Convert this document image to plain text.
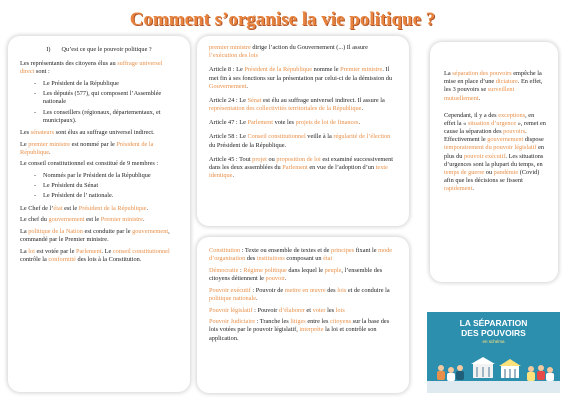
Comment s’organise la vie politique ?

I) Qu’est ce que le pouvoir politique ?

Les représentants des citoyens élus au suffrage universel direct sont :

- Le Président de la République
- Les députés (577), qui composent l’Assemblée nationale
- Les conseillers (régionaux, départementaux, et municipaux).

Les sénateurs sont élus au suffrage universel indirect.

Le premier ministre est nommé par le Président de la République.

Le conseil constitutionnel est constitué de 9 membres :

- Nommés par le Président de la République
- Le Président du Sénat
- Le Président de l’ nationale.

Le Chef de l’état est le Président de la République.

Le chef du gouvernement est le Premier ministre.

La politique de la Nation est conduite par le gouvernement, commandé par le Premier ministre.

La loi est votée par le Parlement. Le conseil constitutionnel contrôle la conformité des lois à la Constitution.

premier ministre dirige l’action du Gouvernement (...) Il assure l’exécution des lois

Article 8 : Le Président de la République nomme le Premier ministre. Il met fin à ses fonctions sur la présentation par celui-ci de la démission du Gouvernement.

Article 24 : Le Sénat est élu au suffrage universel indirect. Il assure la représentation des collectivités territoriales de la République.

Article 47 : Le Parlement vote les projets de loi de finances.

Article 58 : Le Conseil constitutionnel veille à la régularité de l’élection du Président de la République.

Article 45 : Tout projet ou proposition de loi est examiné successivement dans les deux assemblées du Parlement en vue de l’adoption d’un texte identique.

Constitution : Texte ou ensemble de textes et de principes fixant le mode d’organisation des institutions composant un état

Démocratie : Régime politique dans lequel le peuple, l’ensemble des citoyens détiennent le pouvoir.

Pouvoir exécutif : Pouvoir de mettre en œuvre des lois et de conduire la politique nationale.

Pouvoir législatif : Pouvoir d’élaborer et voter les lois

Pouvoir Judiciaire : Tranche les litiges entre les citoyens sur la base des lois votées par le pouvoir législatif, interprète la loi et contrôle son application.

La séparation des pouvoirs empêche la mise en place d’une dictature. En effet, les 3 pouvoirs se surveillent mutuellement.

Cependant, il y a des exceptions, en effet la « situation d’urgence », remet en cause la séparation des pouvoirs. Effectivement le gouvernement dispose temporairement du pouvoir législatif en plus du pouvoir exécutif. Les situations d’urgences sont la plupart du temps, en temps de guerre ou pandémie (Covid) afin que les décisions se fissent rapidement.

LA SÉPARATION
DES POUVOIRS
en schéma
